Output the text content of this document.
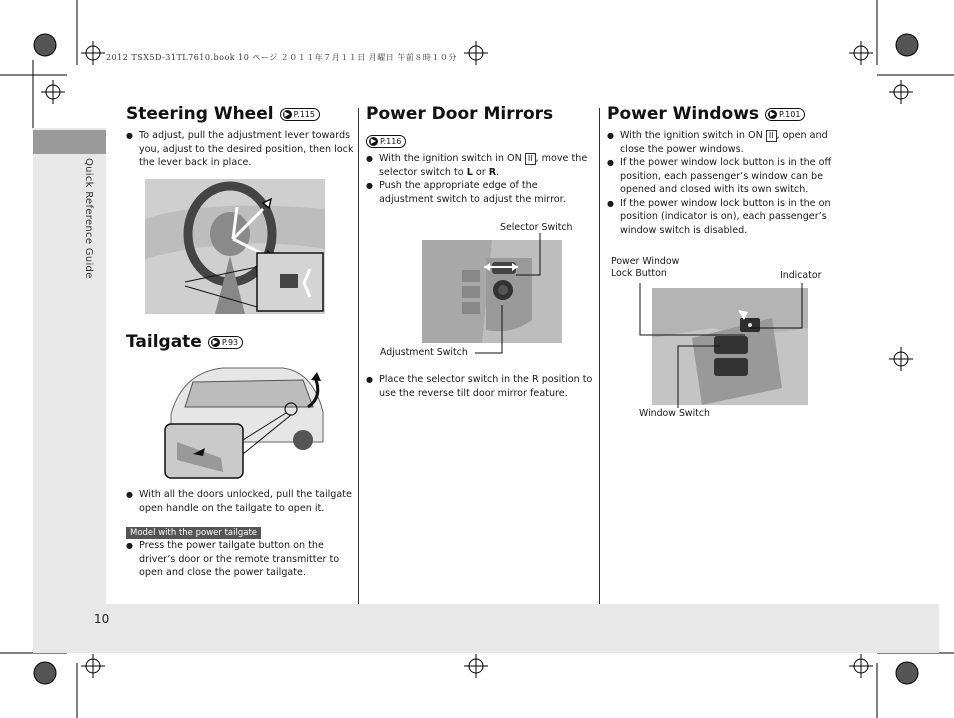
2012 TSX5D-31TL7610.book 10 ページ ２０１１年７月１１日 月曜日 午前８時１０分
Quick Reference Guide
10
Steering Wheel ▶ P.115
● To adjust, pull the adjustment lever towards you, adjust to the desired position, then lock the lever back in place.
Tailgate ▶ P.93
● With all the doors unlocked, pull the tailgate open handle on the tailgate to open it.
Model with the power tailgate
● Press the power tailgate button on the driver’s door or the remote transmitter to open and close the power tailgate.
Power Door Mirrors
▶ P.116
● With the ignition switch in ON II , move the selector switch to L or R.
● Push the appropriate edge of the adjustment switch to adjust the mirror.
Selector Switch
Adjustment Switch
● Place the selector switch in the R position to use the reverse tilt door mirror feature.
Power Windows ▶ P.101
● With the ignition switch in ON II , open and close the power windows.
● If the power window lock button is in the off position, each passenger’s window can be opened and closed with its own switch.
● If the power window lock button is in the on position (indicator is on), each passenger’s window switch is disabled.
Power Window
Lock Button	Indicator
Window Switch
